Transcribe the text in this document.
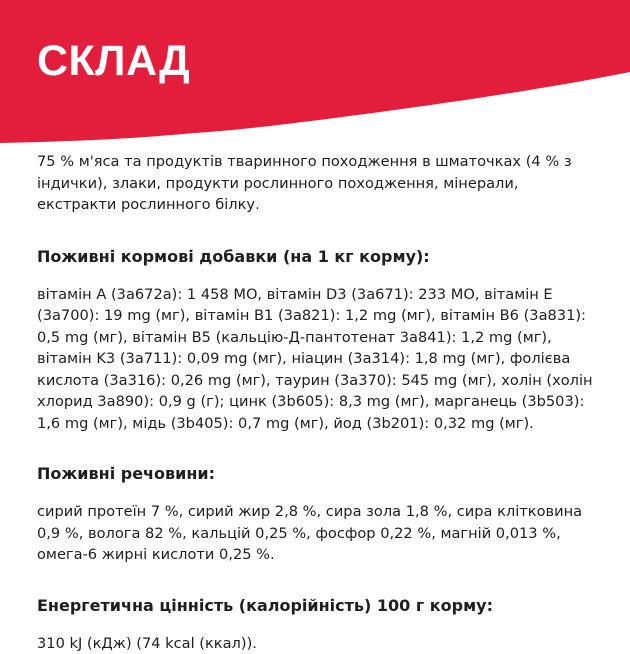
СКЛАД

75 % м'яса та продуктів тваринного походження в шматочках (4 % з індички), злаки, продукти рослинного походження, мінерали, екстракти рослинного білку.

Поживні кормові добавки (на 1 кг корму):

вітамін A (3a672a): 1 458 MO, вітамін D3 (3a671): 233 MO, вітамін E (3a700): 19 mg (мг), вітамін B1 (3a821): 1,2 mg (мг), вітамін B6 (3a831): 0,5 mg (мг), вітамін B5 (кальцію-Д-пантотенат 3a841): 1,2 mg (мг), вітамін K3 (3a711): 0,09 mg (мг), ніацин (3a314): 1,8 mg (мг), фолієва кислота (3a316): 0,26 mg (мг), таурин (3a370): 545 mg (мг), холін (холін хлорид 3a890): 0,9 g (г); цинк (3b605): 8,3 mg (мг), марганець (3b503): 1,6 mg (мг), мідь (3b405): 0,7 mg (мг), йод (3b201): 0,32 mg (мг).

Поживні речовини:

сирий протеїн 7 %, сирий жир 2,8 %, сира зола 1,8 %, сира клітковина 0,9 %, волога 82 %, кальцій 0,25 %, фосфор 0,22 %, магній 0,013 %, омега-6 жирні кислоти 0,25 %.

Енергетична цінність (калорійність) 100 г корму:

310 kJ (кДж) (74 kcal (ккал)).
